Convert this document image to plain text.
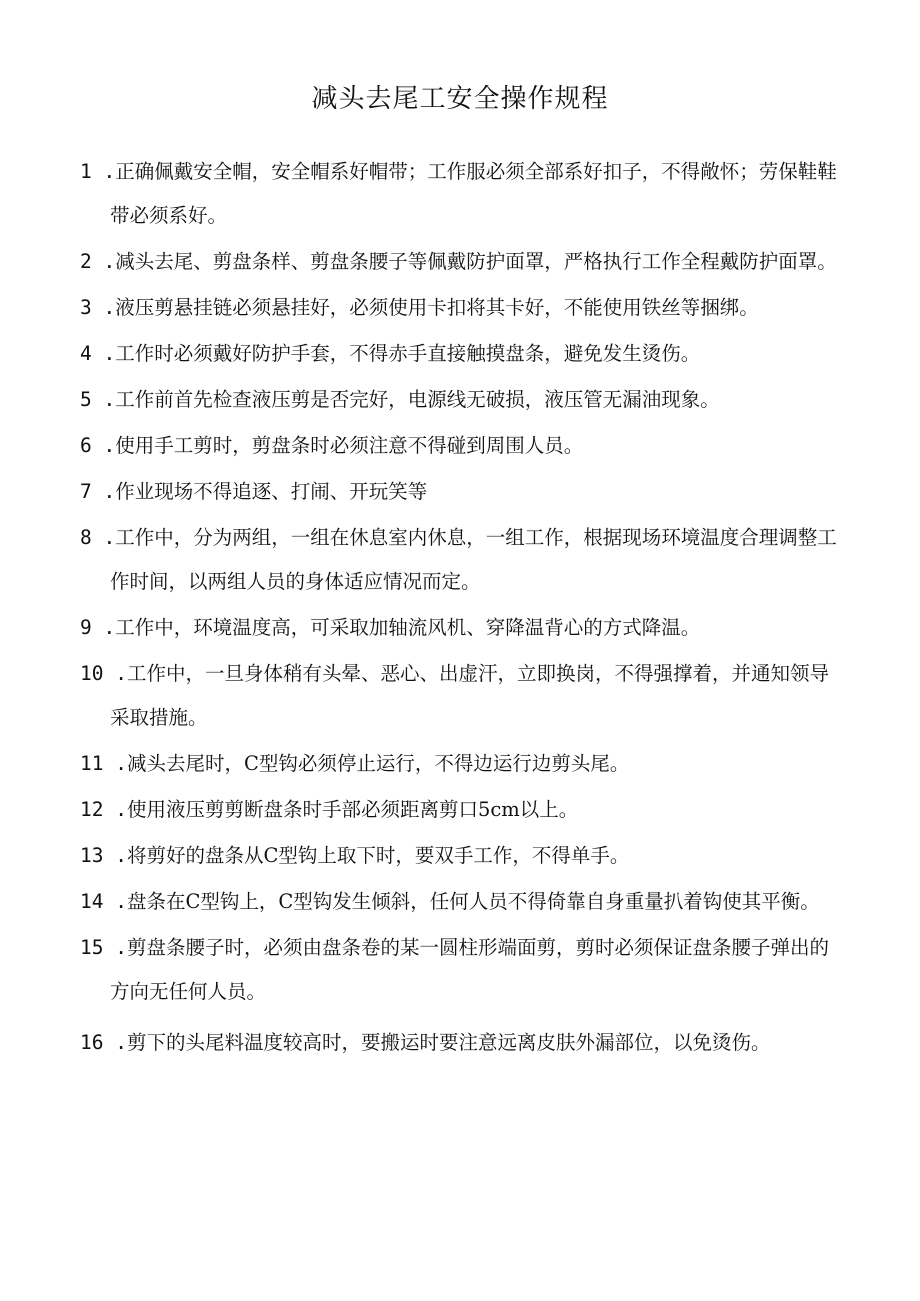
减头去尾工安全操作规程
1 .正确佩戴安全帽，安全帽系好帽带；工作服必须全部系好扣子，不得敞怀；劳保鞋鞋带必须系好。
2 .减头去尾、剪盘条样、剪盘条腰子等佩戴防护面罩，严格执行工作全程戴防护面罩。
3 .液压剪悬挂链必须悬挂好，必须使用卡扣将其卡好，不能使用铁丝等捆绑。
4 .工作时必须戴好防护手套，不得赤手直接触摸盘条，避免发生烫伤。
5 .工作前首先检查液压剪是否完好，电源线无破损，液压管无漏油现象。
6 .使用手工剪时，剪盘条时必须注意不得碰到周围人员。
7 .作业现场不得追逐、打闹、开玩笑等
8 .工作中，分为两组，一组在休息室内休息，一组工作，根据现场环境温度合理调整工作时间，以两组人员的身体适应情况而定。
9 .工作中，环境温度高，可采取加轴流风机、穿降温背心的方式降温。
10 .工作中，一旦身体稍有头晕、恶心、出虚汗，立即换岗，不得强撑着，并通知领导采取措施。
11 .减头去尾时，C型钩必须停止运行，不得边运行边剪头尾。
12 .使用液压剪剪断盘条时手部必须距离剪口5cm以上。
13 .将剪好的盘条从C型钩上取下时，要双手工作，不得单手。
14 .盘条在C型钩上，C型钩发生倾斜，任何人员不得倚靠自身重量扒着钩使其平衡。
15 .剪盘条腰子时，必须由盘条卷的某一圆柱形端面剪，剪时必须保证盘条腰子弹出的方向无任何人员。
16 .剪下的头尾料温度较高时，要搬运时要注意远离皮肤外漏部位，以免烫伤。
